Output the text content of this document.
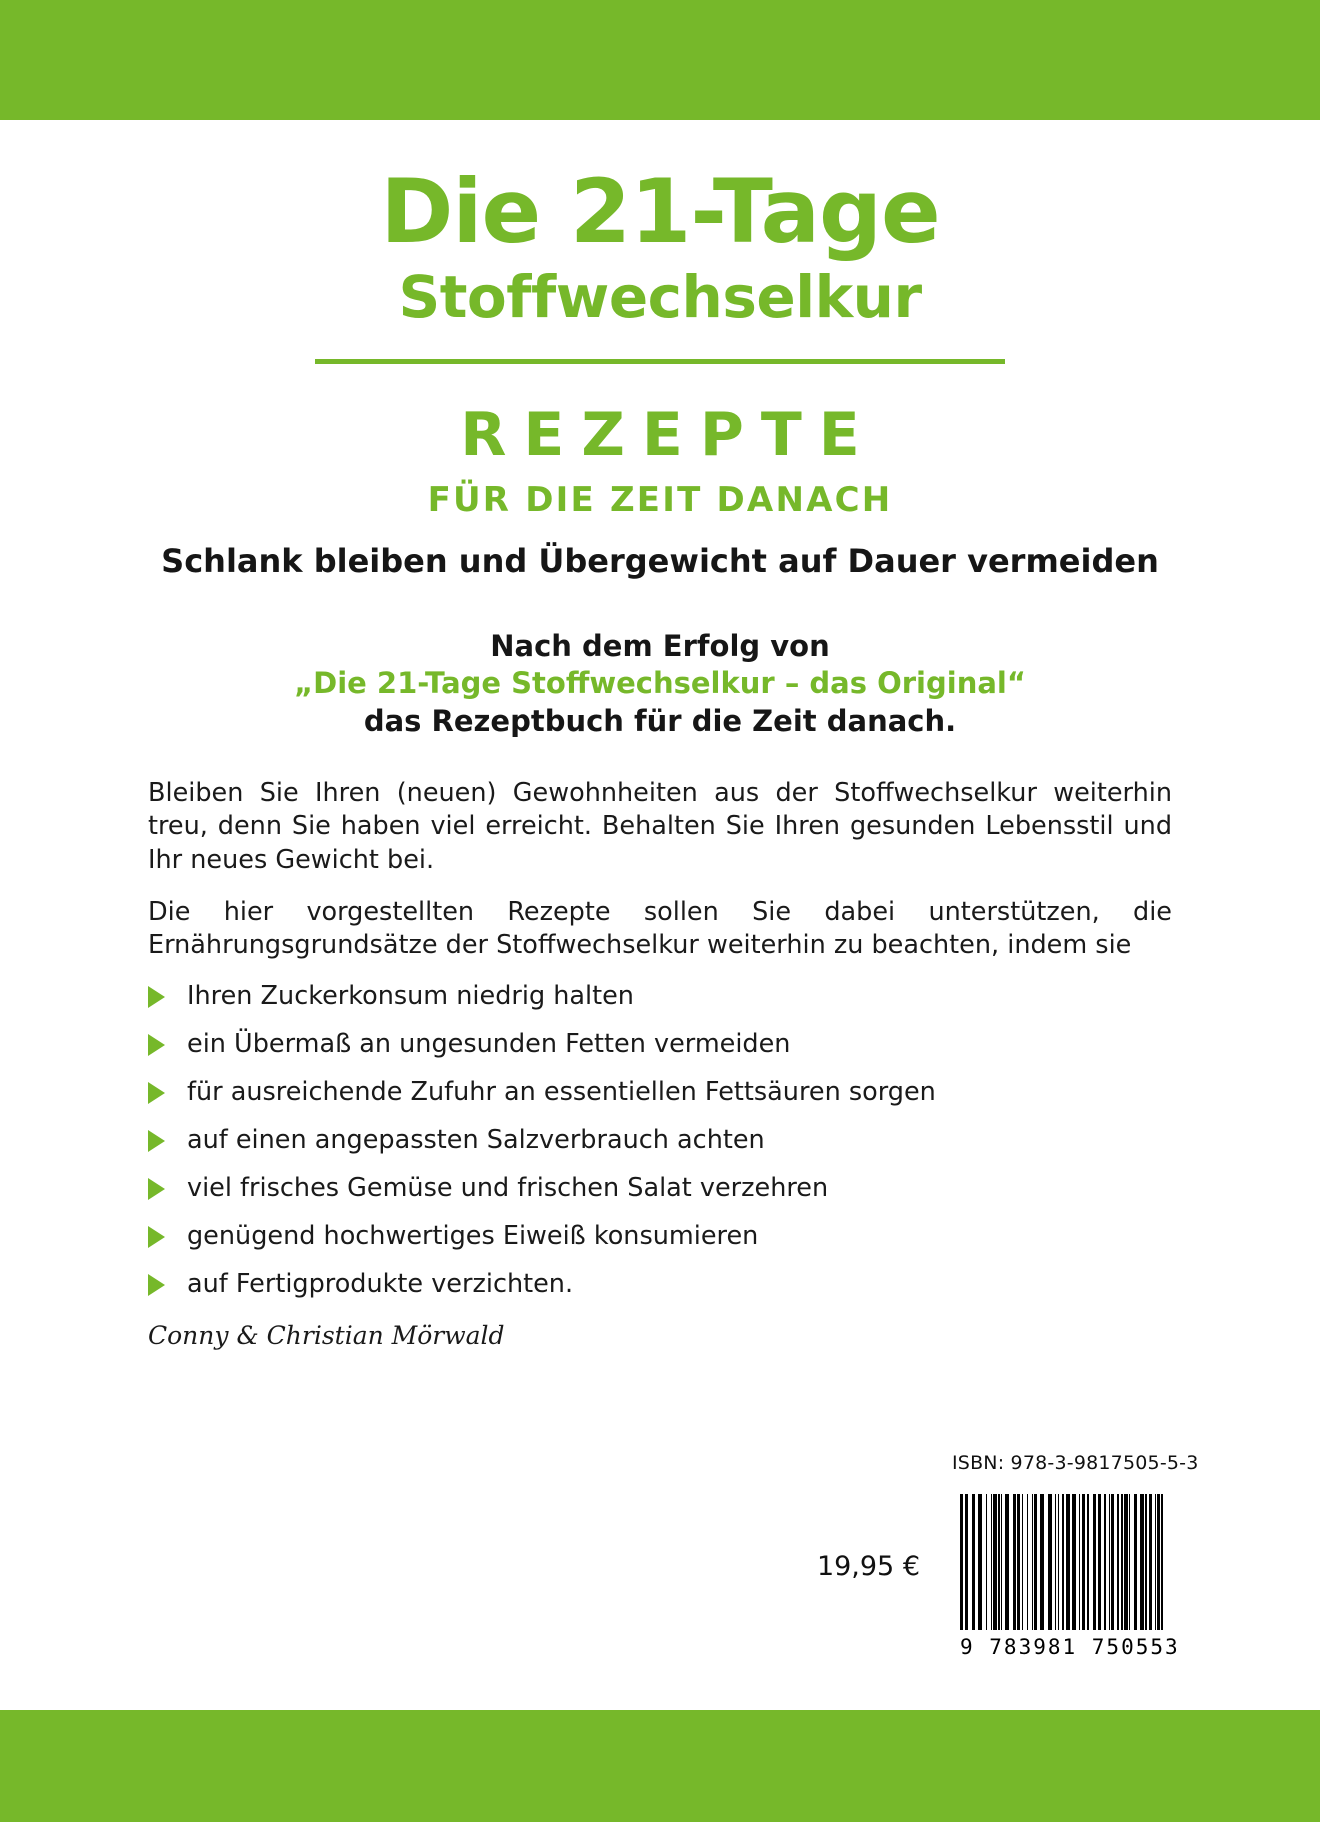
Die 21-Tage
Stoffwechselkur
REZEPTE
FÜR DIE ZEIT DANACH
Schlank bleiben und Übergewicht auf Dauer vermeiden
Nach dem Erfolg von
„Die 21-Tage Stoffwechselkur – das Original“
das Rezeptbuch für die Zeit danach.

Bleiben Sie Ihren (neuen) Gewohnheiten aus der Stoffwechselkur weiterhin treu, denn Sie haben viel erreicht. Behalten Sie Ihren gesunden Lebensstil und Ihr neues Gewicht bei.

Die hier vorgestellten Rezepte sollen Sie dabei unterstützen, die Ernährungsgrundsätze der Stoffwechselkur weiterhin zu beachten, indem sie

Ihren Zuckerkonsum niedrig halten
ein Übermaß an ungesunden Fetten vermeiden
für ausreichende Zufuhr an essentiellen Fettsäuren sorgen
auf einen angepassten Salzverbrauch achten
viel frisches Gemüse und frischen Salat verzehren
genügend hochwertiges Eiweiß konsumieren
auf Fertigprodukte verzichten.
Conny & Christian Mörwald
ISBN: 978-3-9817505-5-3
19,95 €
9 783981 750553
